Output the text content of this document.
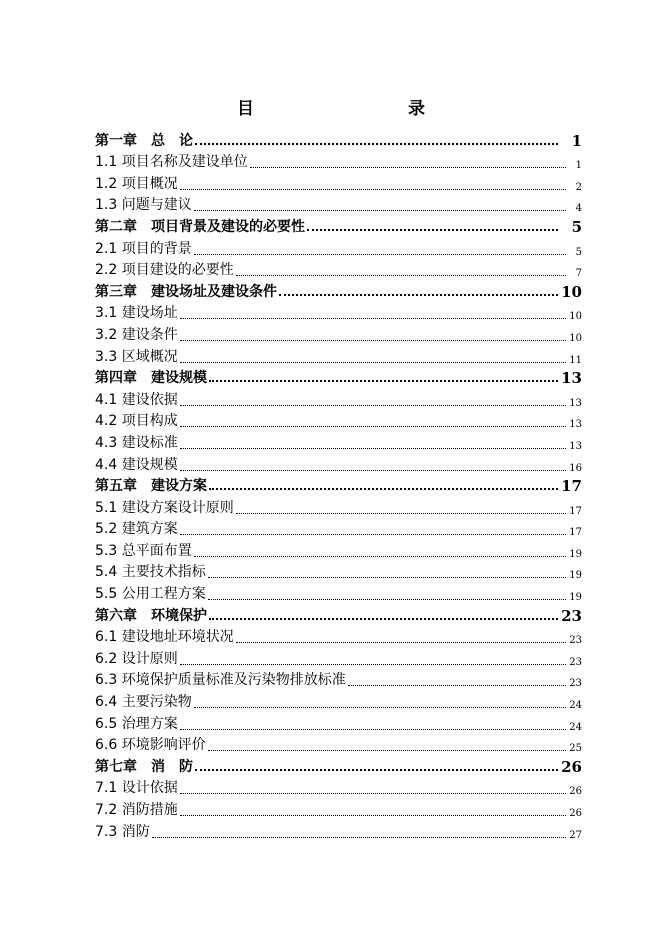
目　　录
第一章　总　论	1
1.1 项目名称及建设单位	1
1.2 项目概况	2
1.3 问题与建议	4
第二章　项目背景及建设的必要性	5
2.1 项目的背景	5
2.2 项目建设的必要性	7
第三章　建设场址及建设条件	10
3.1 建设场址	10
3.2 建设条件	10
3.3 区域概况	11
第四章　建设规模	13
4.1 建设依据	13
4.2 项目构成	13
4.3 建设标准	13
4.4 建设规模	16
第五章　建设方案	17
5.1 建设方案设计原则	17
5.2 建筑方案	17
5.3 总平面布置	19
5.4 主要技术指标	19
5.5 公用工程方案	19
第六章　环境保护	23
6.1 建设地址环境状况	23
6.2 设计原则	23
6.3 环境保护质量标准及污染物排放标准	23
6.4 主要污染物	24
6.5 治理方案	24
6.6 环境影响评价	25
第七章　消　防	26
7.1 设计依据	26
7.2 消防措施	26
7.3 消防	27
